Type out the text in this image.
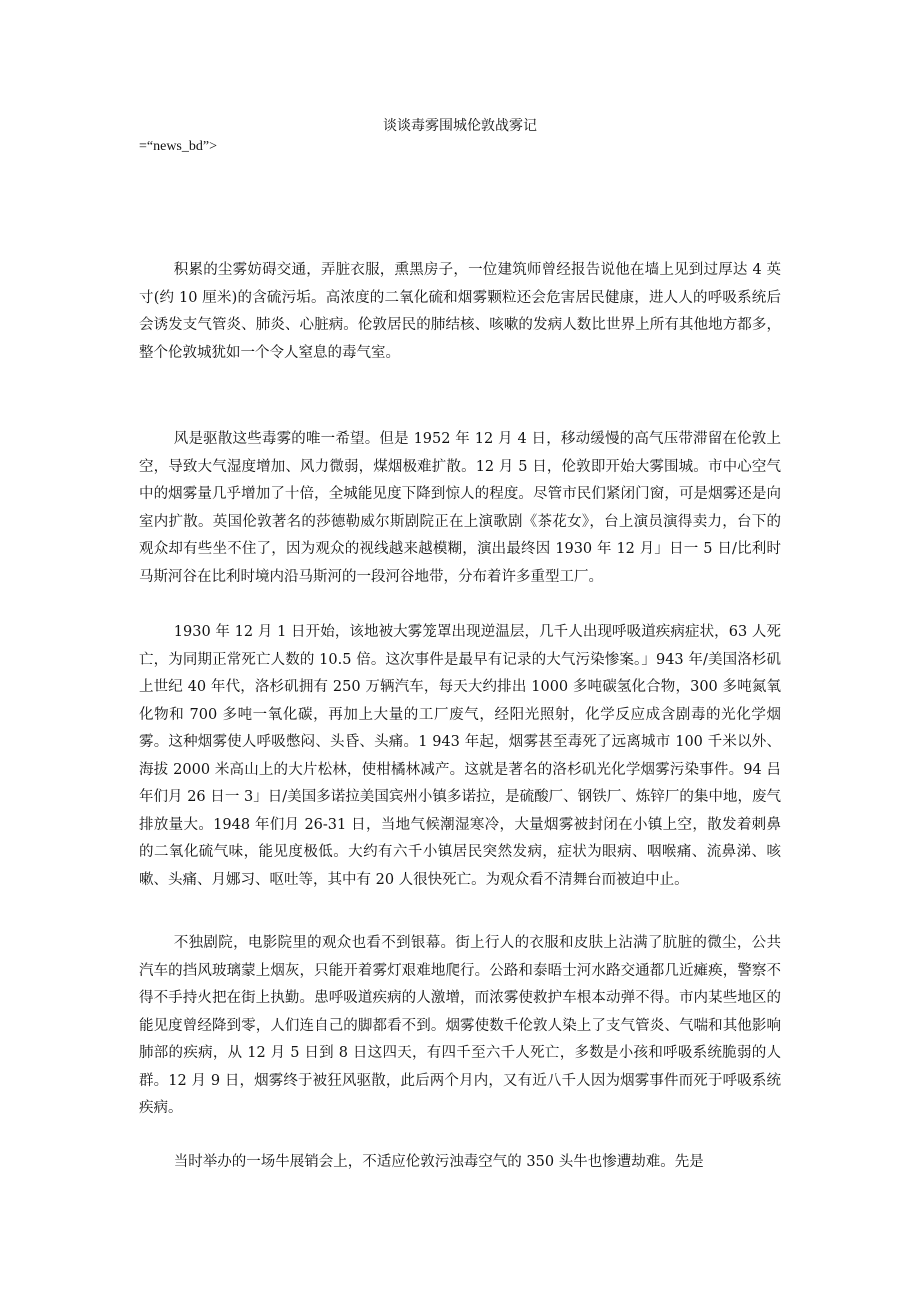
谈谈毒雾围城伦敦战雾记

=“news_bd”>

积累的尘雾妨碍交通，弄脏衣服，熏黑房子，一位建筑师曾经报告说他在墙上见到过厚达 4 英寸(约 10 厘米)的含硫污垢。高浓度的二氧化硫和烟雾颗粒还会危害居民健康，进人人的呼吸系统后会诱发支气管炎、肺炎、心脏病。伦敦居民的肺结核、咳嗽的发病人数比世界上所有其他地方都多，整个伦敦城犹如一个令人窒息的毒气室。

风是驱散这些毒雾的唯一希望。但是 1952 年 12 月 4 日，移动缓慢的高气压带滞留在伦敦上空，导致大气湿度增加、风力微弱，煤烟极难扩散。12 月 5 日，伦敦即开始大雾围城。市中心空气中的烟雾量几乎增加了十倍，全城能见度下降到惊人的程度。尽管市民们紧闭门窗，可是烟雾还是向室内扩散。英国伦敦著名的莎德勒威尔斯剧院正在上演歌剧《茶花女》，台上演员演得卖力，台下的观众却有些坐不住了，因为观众的视线越来越模糊，演出最终因 1930 年 12 月」日一 5 日/比利时马斯河谷在比利时境内沿马斯河的一段河谷地带，分布着许多重型工厂。

1930 年 12 月 1 日开始，该地被大雾笼罩出现逆温层，几千人出现呼吸道疾病症状，63 人死亡，为同期正常死亡人数的 10.5 倍。这次事件是最早有记录的大气污染惨案。」943 年/美国洛杉矶上世纪 40 年代，洛杉矶拥有 250 万辆汽车，每天大约排出 1000 多吨碳氢化合物，300 多吨氮氧化物和 700 多吨一氧化碳，再加上大量的工厂废气，经阳光照射，化学反应成含剧毒的光化学烟雾。这种烟雾使人呼吸憋闷、头昏、头痛。1 943 年起，烟雾甚至毒死了远离城市 100 千米以外、海拔 2000 米高山上的大片松林，使柑橘林减产。这就是著名的洛杉矶光化学烟雾污染事件。94 吕年们月 26 日一 3」日/美国多诺拉美国宾州小镇多诺拉，是硫酸厂、钢铁厂、炼锌厂的集中地，废气排放量大。1948 年们月 26-31 日，当地气候潮湿寒冷，大量烟雾被封闭在小镇上空，散发着刺鼻的二氧化硫气味，能见度极低。大约有六千小镇居民突然发病，症状为眼病、咽喉痛、流鼻涕、咳嗽、头痛、月娜习、呕吐等，其中有 20 人很快死亡。为观众看不清舞台而被迫中止。

不独剧院，电影院里的观众也看不到银幕。街上行人的衣服和皮肤上沾满了肮脏的微尘，公共汽车的挡风玻璃蒙上烟灰，只能开着雾灯艰难地爬行。公路和泰晤士河水路交通都几近瘫痪，警察不得不手持火把在街上执勤。患呼吸道疾病的人激增，而浓雾使救护车根本动弹不得。市内某些地区的能见度曾经降到零，人们连自己的脚都看不到。烟雾使数千伦敦人染上了支气管炎、气喘和其他影响肺部的疾病，从 12 月 5 日到 8 日这四天，有四千至六千人死亡，多数是小孩和呼吸系统脆弱的人群。12 月 9 日，烟雾终于被狂风驱散，此后两个月内，又有近八千人因为烟雾事件而死于呼吸系统疾病。

当时举办的一场牛展销会上，不适应伦敦污浊毒空气的 350 头牛也惨遭劫难。先是
